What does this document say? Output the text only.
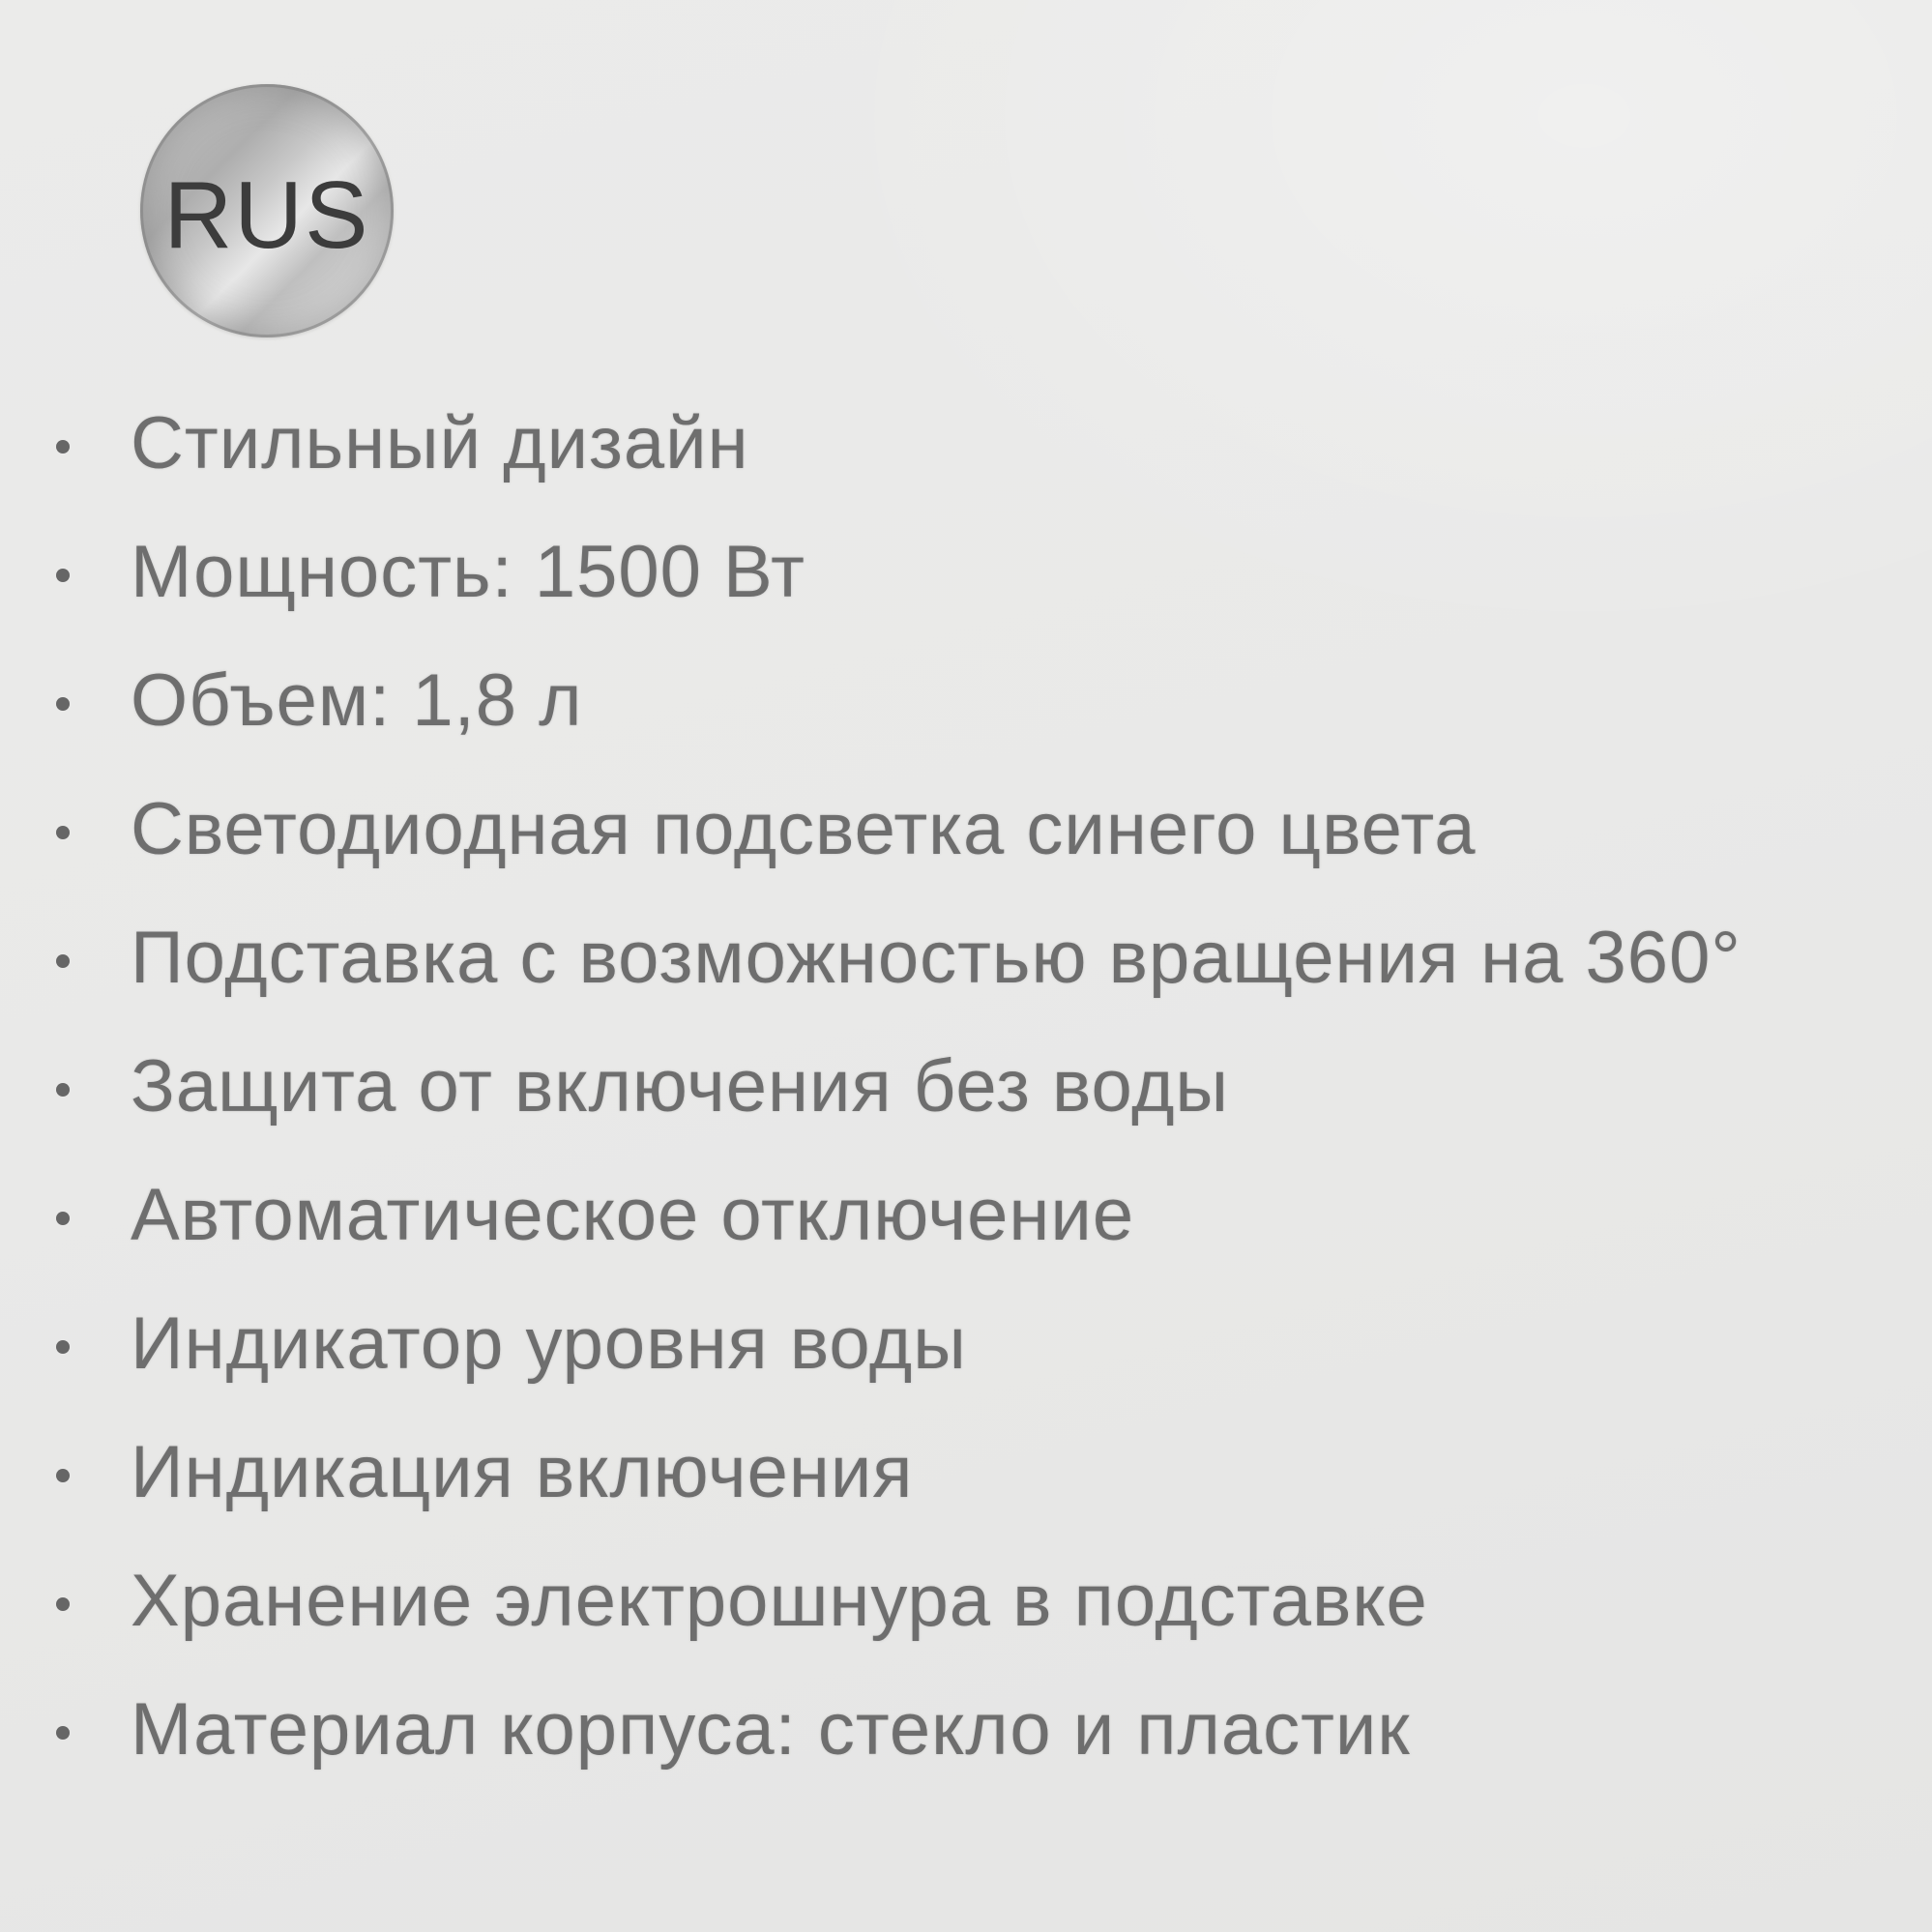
RUS
Стильный дизайн
Мощность: 1500 Вт
Объем: 1,8 л
Светодиодная подсветка синего цвета
Подставка с возможностью вращения на 360°
Защита от включения без воды
Автоматическое отключение
Индикатор уровня воды
Индикация включения
Хранение электрошнура в подставке
Материал корпуса: стекло и пластик
